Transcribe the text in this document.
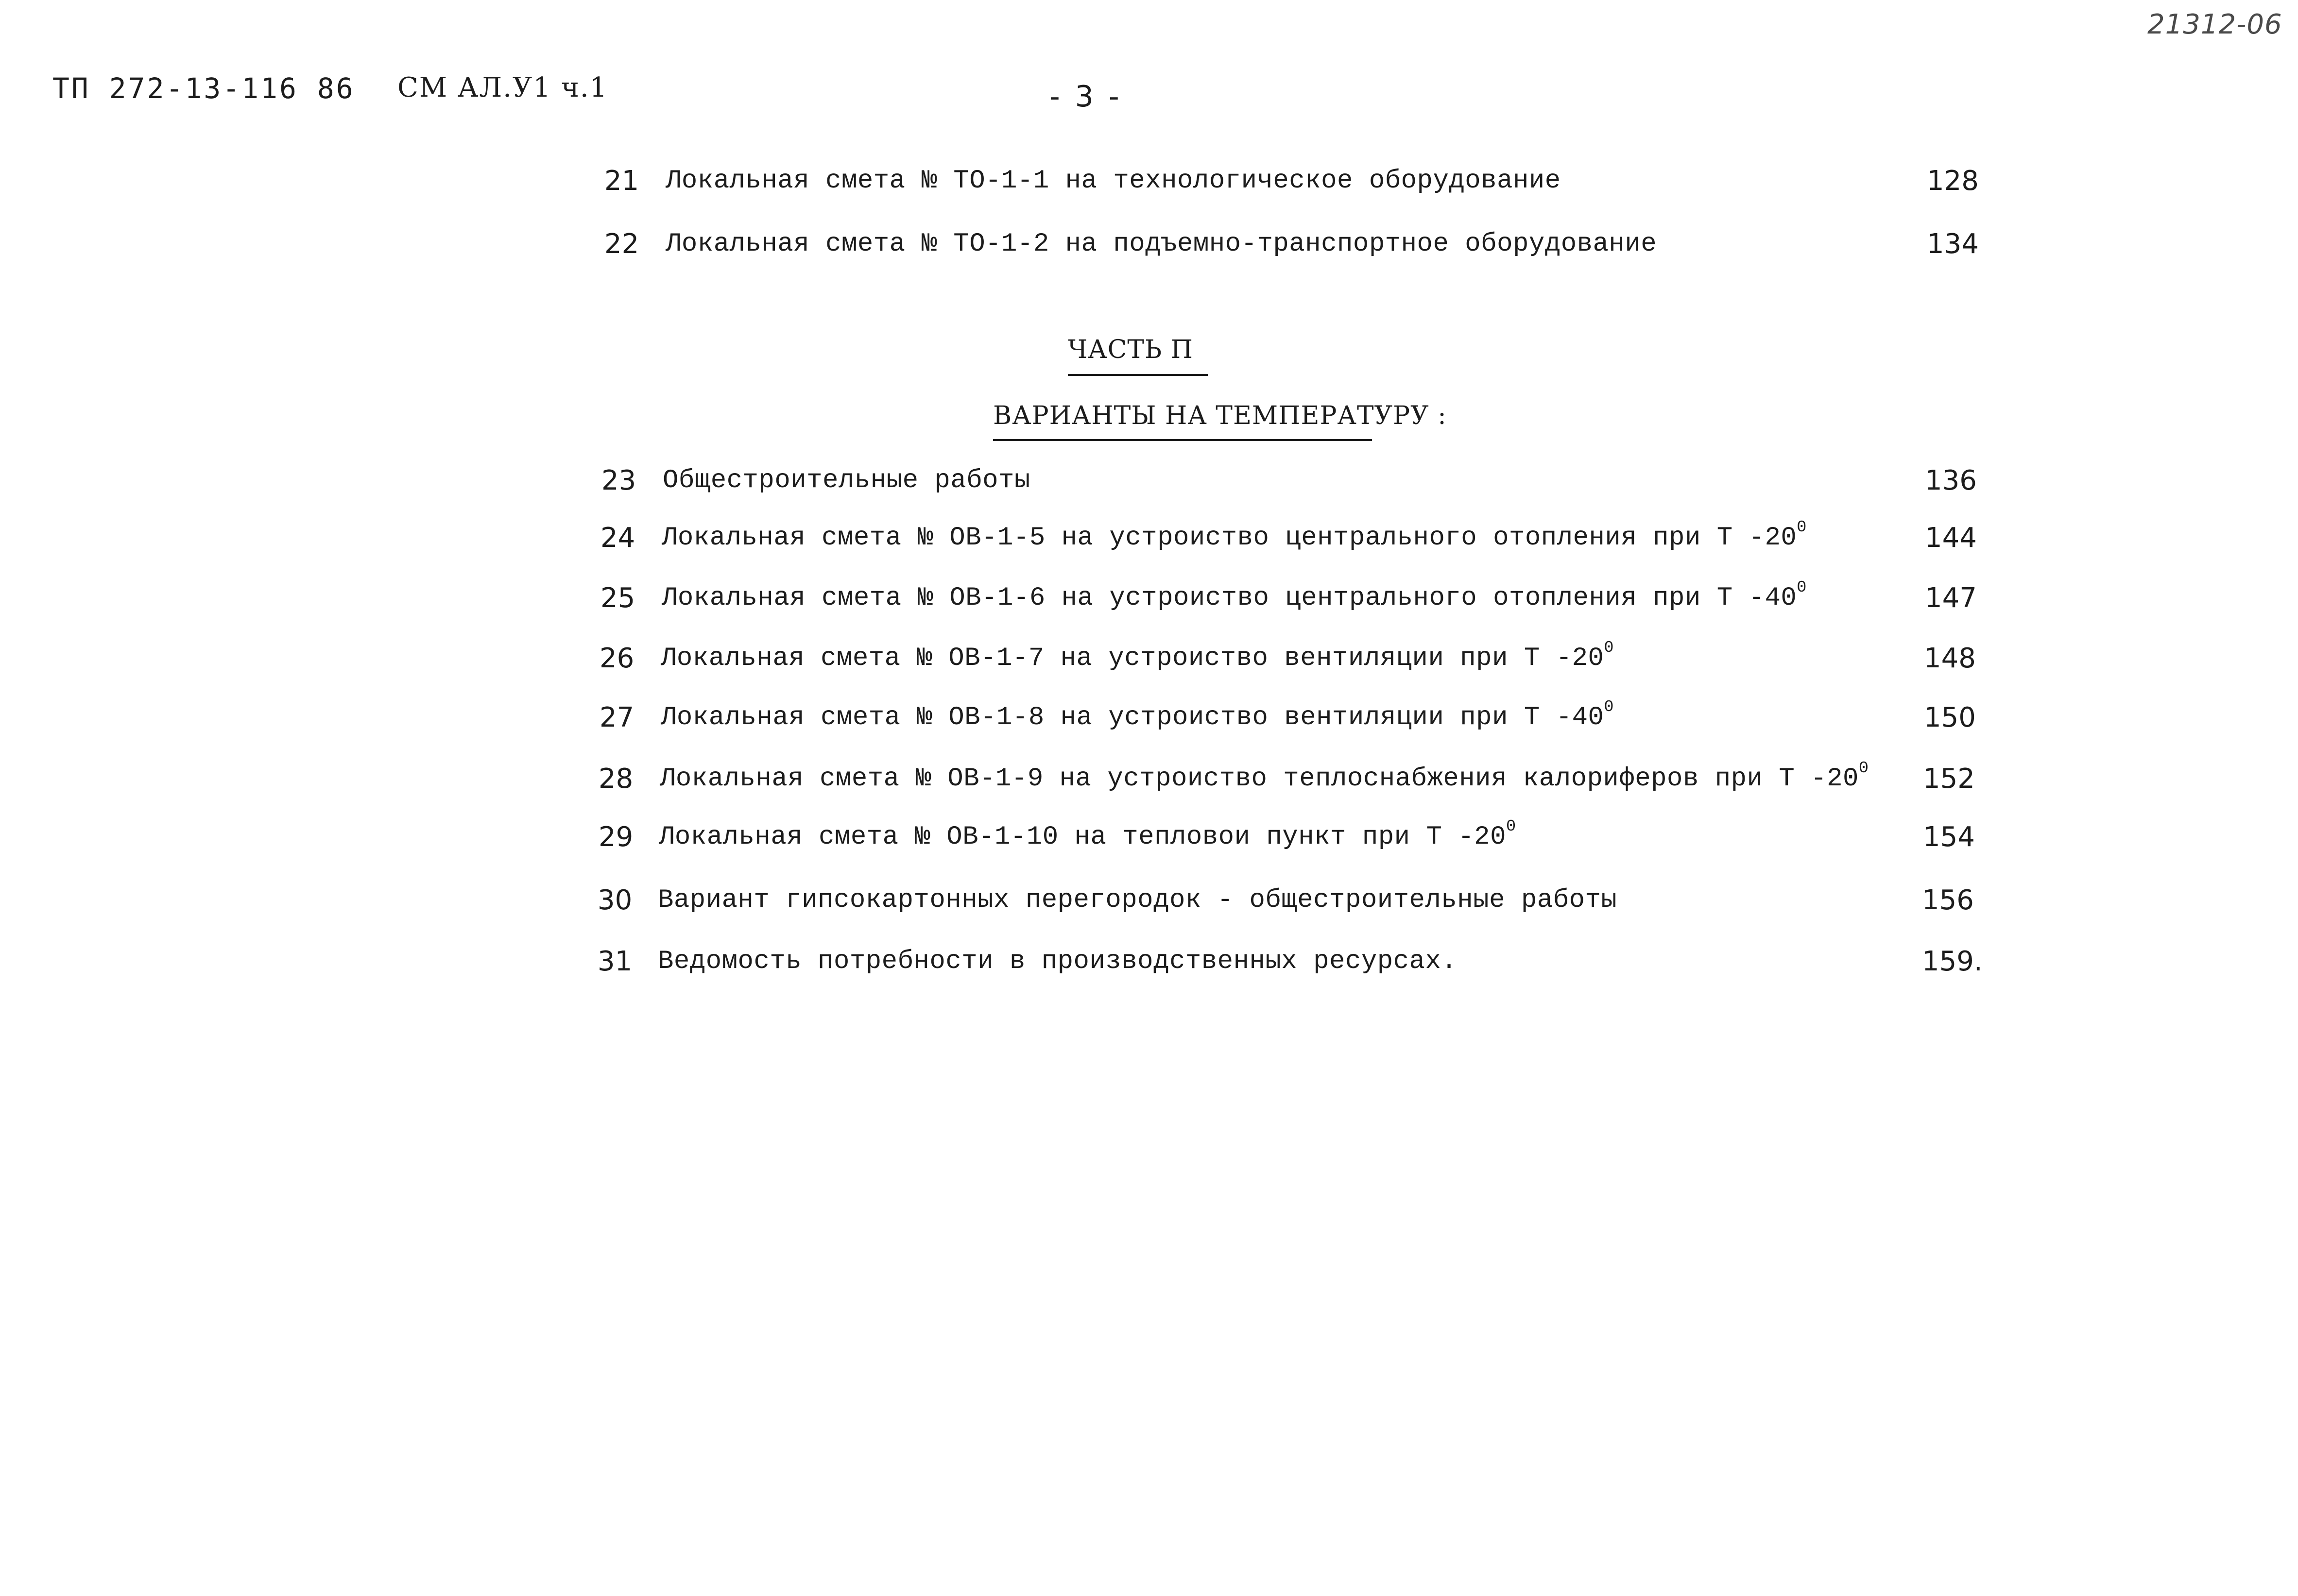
ТП 272-13-116 86 СМ АЛ.У1 ч.1	- 3 -
21312-06
21 Локальная смета № ТО-1-1 на технологическое оборудование	128
22 Локальная смета № ТО-1-2 на подъемно-транспортное оборудование	134
ЧАСТЬ П
ВАРИАНТЫ НА ТЕМПЕРАТУРУ :
23 Общестроительные работы	136
24 Локальная смета № ОВ-1-5 на устроиство центрального отопления при Т $-20^0$	144
25 Локальная смета № ОВ-1-6 на устроиство центрального отопления при Т $-40^0$	147
26 Локальная смета № ОВ-1-7 на устроиство вентиляции при Т $-20^0$	148
27 Локальная смета № ОВ-1-8 на устроиство вентиляции при Т $-40^0$	150
28 Локальная смета № ОВ-1-9 на устроиство теплоснабжения калориферов при Т $-20^0$ 152
29 Локальная смета № ОВ-1-10 на тепловои пункт при Т $-20^0$	154
30 Вариант гипсокартонных перегородок - общестроительные работы	156
31 Ведомость потребности в производственных ресурсах.	159.
